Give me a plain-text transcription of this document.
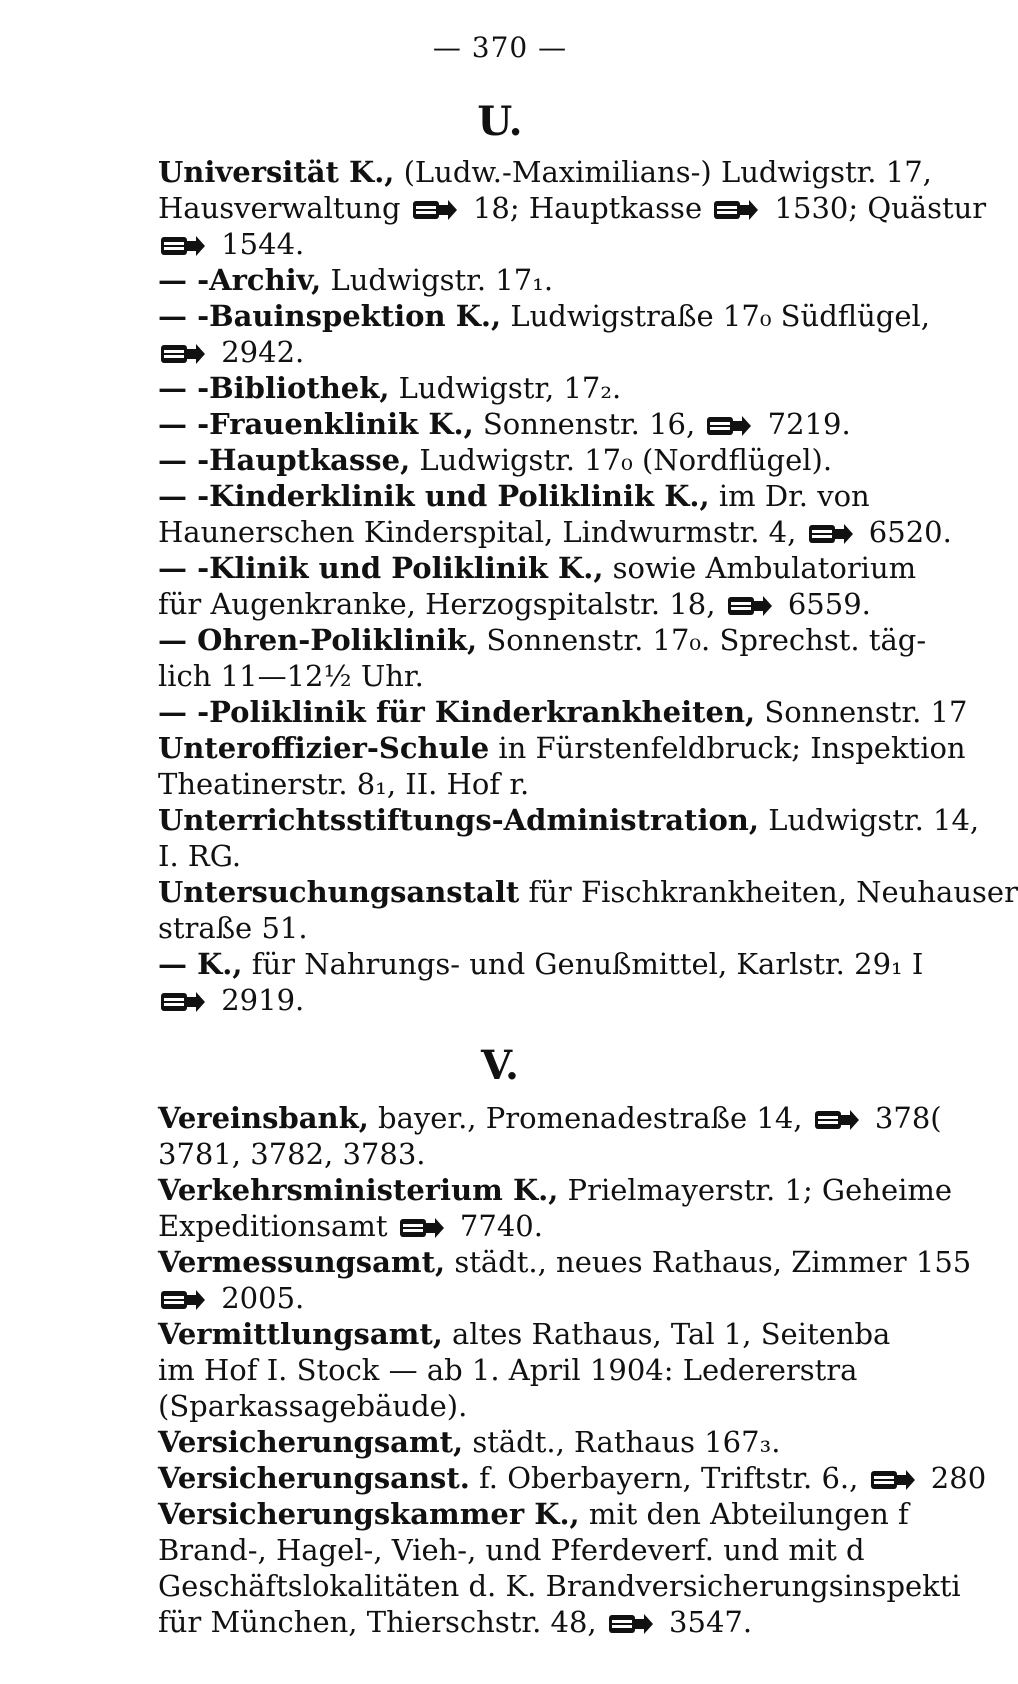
— 370 —
U.
Universität K., (Ludw.-Maximilians-) Ludwigstr. 17,
Hausverwaltung  18; Hauptkasse  1530; Quästur
1544.
— -Archiv, Ludwigstr. 17₁.
— -Bauinspektion K., Ludwigstraße 17₀ Südflügel,
2942.
— -Bibliothek, Ludwigstr, 17₂.
— -Frauenklinik K., Sonnenstr. 16,  7219.
— -Hauptkasse, Ludwigstr. 17₀ (Nordflügel).
— -Kinderklinik und Poliklinik K., im Dr. von
Haunerschen Kinderspital, Lindwurmstr. 4,  6520.
— -Klinik und Poliklinik K., sowie Ambulatorium
für Augenkranke, Herzogspitalstr. 18,  6559.
— Ohren-Poliklinik, Sonnenstr. 17₀. Sprechst. täg-
lich 11—12½ Uhr.
— -Poliklinik für Kinderkrankheiten, Sonnenstr. 17
Unteroffizier-Schule in Fürstenfeldbruck; Inspektion
Theatinerstr. 8₁, II. Hof r.
Unterrichtsstiftungs-Administration, Ludwigstr. 14,
I. RG.
Untersuchungsanstalt für Fischkrankheiten, Neuhauser
straße 51.
— K., für Nahrungs- und Genußmittel, Karlstr. 29₁ I
2919.
V.
Vereinsbank, bayer., Promenadestraße 14,  378(
3781, 3782, 3783.
Verkehrsministerium K., Prielmayerstr. 1; Geheime
Expeditionsamt  7740.
Vermessungsamt, städt., neues Rathaus, Zimmer 155
2005.
Vermittlungsamt, altes Rathaus, Tal 1, Seitenba
im Hof I. Stock — ab 1. April 1904: Ledererstra
(Sparkassagebäude).
Versicherungsamt, städt., Rathaus 167₃.
Versicherungsanst. f. Oberbayern, Triftstr. 6.,  280
Versicherungskammer K., mit den Abteilungen f
Brand-, Hagel-, Vieh-, und Pferdeverf. und mit d
Geschäftslokalitäten d. K. Brandversicherungsinspekti
für München, Thierschstr. 48,  3547.
